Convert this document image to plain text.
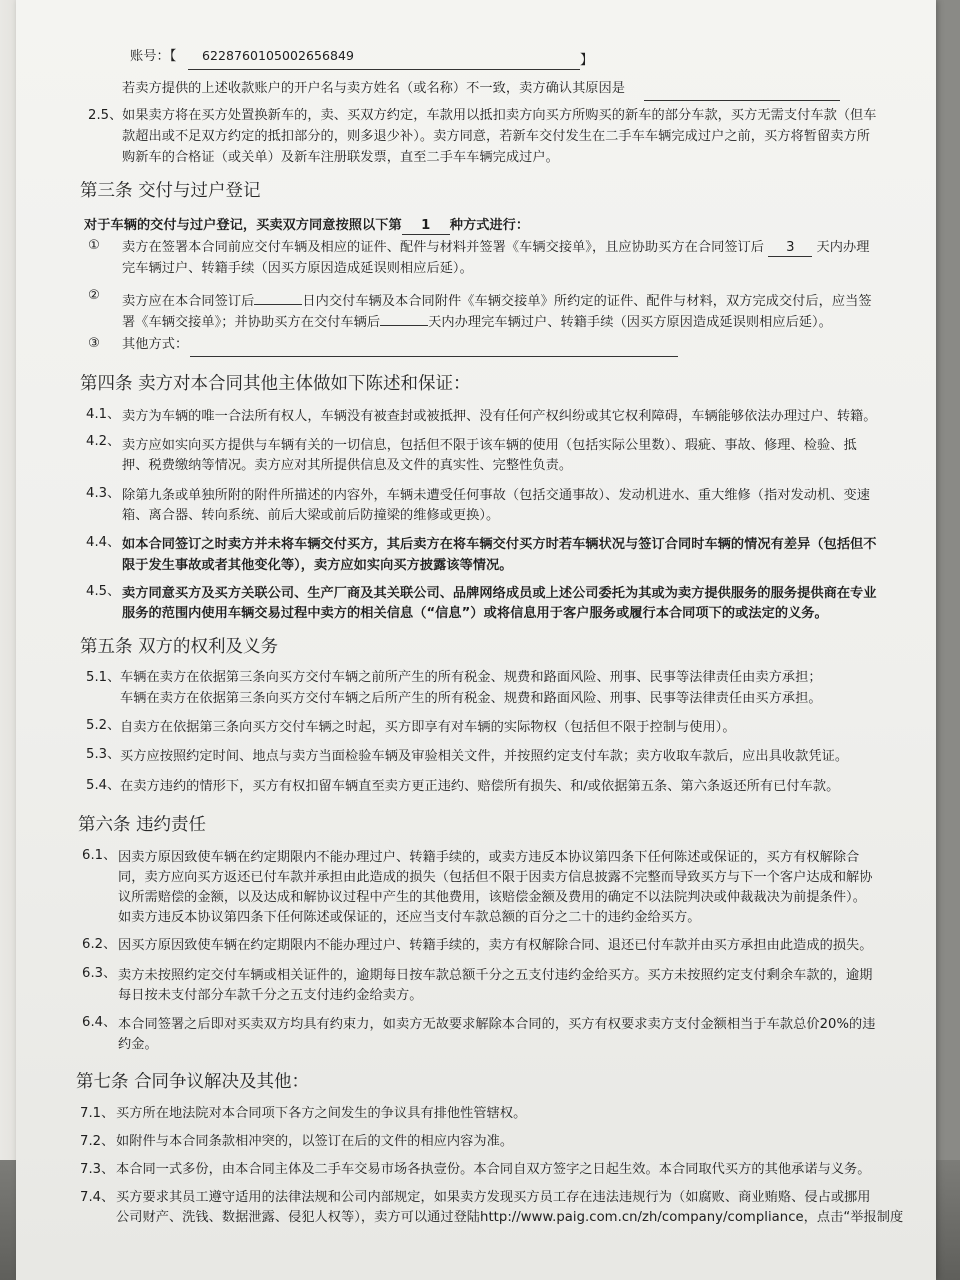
账号：【 6228760105002656849	】

若卖方提供的上述收款账户的开户名与卖方姓名（或名称）不一致，卖方确认其原因是

2.5、 如果卖方将在买方处置换新车的，卖、买双方约定，车款用以抵扣卖方向买方所购买的新车的部分车款，买方无需支付车款（但车

款超出或不足双方约定的抵扣部分的，则多退少补）。卖方同意，若新车交付发生在二手车车辆完成过户之前，买方将暂留卖方所

购新车的合格证（或关单）及新车注册联发票，直至二手车车辆完成过户。

第三条 交付与过户登记

对于车辆的交付与过户登记，买卖双方同意按照以下第 1 种方式进行：

① 卖方在签署本合同前应交付车辆及相应的证件、配件与材料并签署《车辆交接单》，且应协助买方在合同签订后 3 天内办理

完车辆过户、转籍手续（因买方原因造成延误则相应后延）。

② 卖方应在本合同签订后	日内交付车辆及本合同附件《车辆交接单》所约定的证件、配件与材料，双方完成交付后，应当签

署《车辆交接单》；并协助买方在交付车辆后	天内办理完车辆过户、转籍手续（因买方原因造成延误则相应后延）。

③ 其他方式：

第四条 卖方对本合同其他主体做如下陈述和保证：

4.1、 卖方为车辆的唯一合法所有权人，车辆没有被查封或被抵押、没有任何产权纠纷或其它权利障碍，车辆能够依法办理过户、转籍。

4.2、 卖方应如实向买方提供与车辆有关的一切信息，包括但不限于该车辆的使用（包括实际公里数）、瑕疵、事故、修理、检验、抵

押、税费缴纳等情况。卖方应对其所提供信息及文件的真实性、完整性负责。

4.3、 除第九条或单独所附的附件所描述的内容外，车辆未遭受任何事故（包括交通事故）、发动机进水、重大维修（指对发动机、变速

箱、离合器、转向系统、前后大梁或前后防撞梁的维修或更换）。

4.4、 如本合同签订之时卖方并未将车辆交付买方，其后卖方在将车辆交付买方时若车辆状况与签订合同时车辆的情况有差异（包括但不

限于发生事故或者其他变化等），卖方应如实向买方披露该等情况。

4.5、 卖方同意买方及买方关联公司、生产厂商及其关联公司、品牌网络成员或上述公司委托为其或为卖方提供服务的服务提供商在专业

服务的范围内使用车辆交易过程中卖方的相关信息（“信息”）或将信息用于客户服务或履行本合同项下的或法定的义务。

第五条 双方的权利及义务

5.1、 车辆在卖方在依据第三条向买方交付车辆之前所产生的所有税金、规费和路面风险、刑事、民事等法律责任由卖方承担；

车辆在卖方在依据第三条向买方交付车辆之后所产生的所有税金、规费和路面风险、刑事、民事等法律责任由买方承担。

5.2、 自卖方在依据第三条向买方交付车辆之时起，买方即享有对车辆的实际物权（包括但不限于控制与使用）。

5.3、 买方应按照约定时间、地点与卖方当面检验车辆及审验相关文件，并按照约定支付车款；卖方收取车款后，应出具收款凭证。

5.4、 在卖方违约的情形下，买方有权扣留车辆直至卖方更正违约、赔偿所有损失、和/或依据第五条、第六条返还所有已付车款。

第六条 违约责任

6.1、 因卖方原因致使车辆在约定期限内不能办理过户、转籍手续的，或卖方违反本协议第四条下任何陈述或保证的，买方有权解除合

同，卖方应向买方返还已付车款并承担由此造成的损失（包括但不限于因卖方信息披露不完整而导致买方与下一个客户达成和解协

议所需赔偿的金额，以及达成和解协议过程中产生的其他费用，该赔偿金额及费用的确定不以法院判决或仲裁裁决为前提条件）。

如卖方违反本协议第四条下任何陈述或保证的，还应当支付车款总额的百分之二十的违约金给买方。

6.2、 因买方原因致使车辆在约定期限内不能办理过户、转籍手续的，卖方有权解除合同、退还已付车款并由买方承担由此造成的损失。

6.3、 卖方未按照约定交付车辆或相关证件的，逾期每日按车款总额千分之五支付违约金给买方。买方未按照约定支付剩余车款的，逾期

每日按未支付部分车款千分之五支付违约金给卖方。

6.4、 本合同签署之后即对买卖双方均具有约束力，如卖方无故要求解除本合同的，买方有权要求卖方支付金额相当于车款总价20%的违

约金。

第七条 合同争议解决及其他：

7.1、 买方所在地法院对本合同项下各方之间发生的争议具有排他性管辖权。

7.2、 如附件与本合同条款相冲突的，以签订在后的文件的相应内容为准。

7.3、 本合同一式多份，由本合同主体及二手车交易市场各执壹份。本合同自双方签字之日起生效。本合同取代买方的其他承诺与义务。

7.4、 买方要求其员工遵守适用的法律法规和公司内部规定，如果卖方发现买方员工存在违法违规行为（如腐败、商业贿赂、侵占或挪用

公司财产、洗钱、数据泄露、侵犯人权等），卖方可以通过登陆http://www.paig.com.cn/zh/company/compliance，点击“举报制度
